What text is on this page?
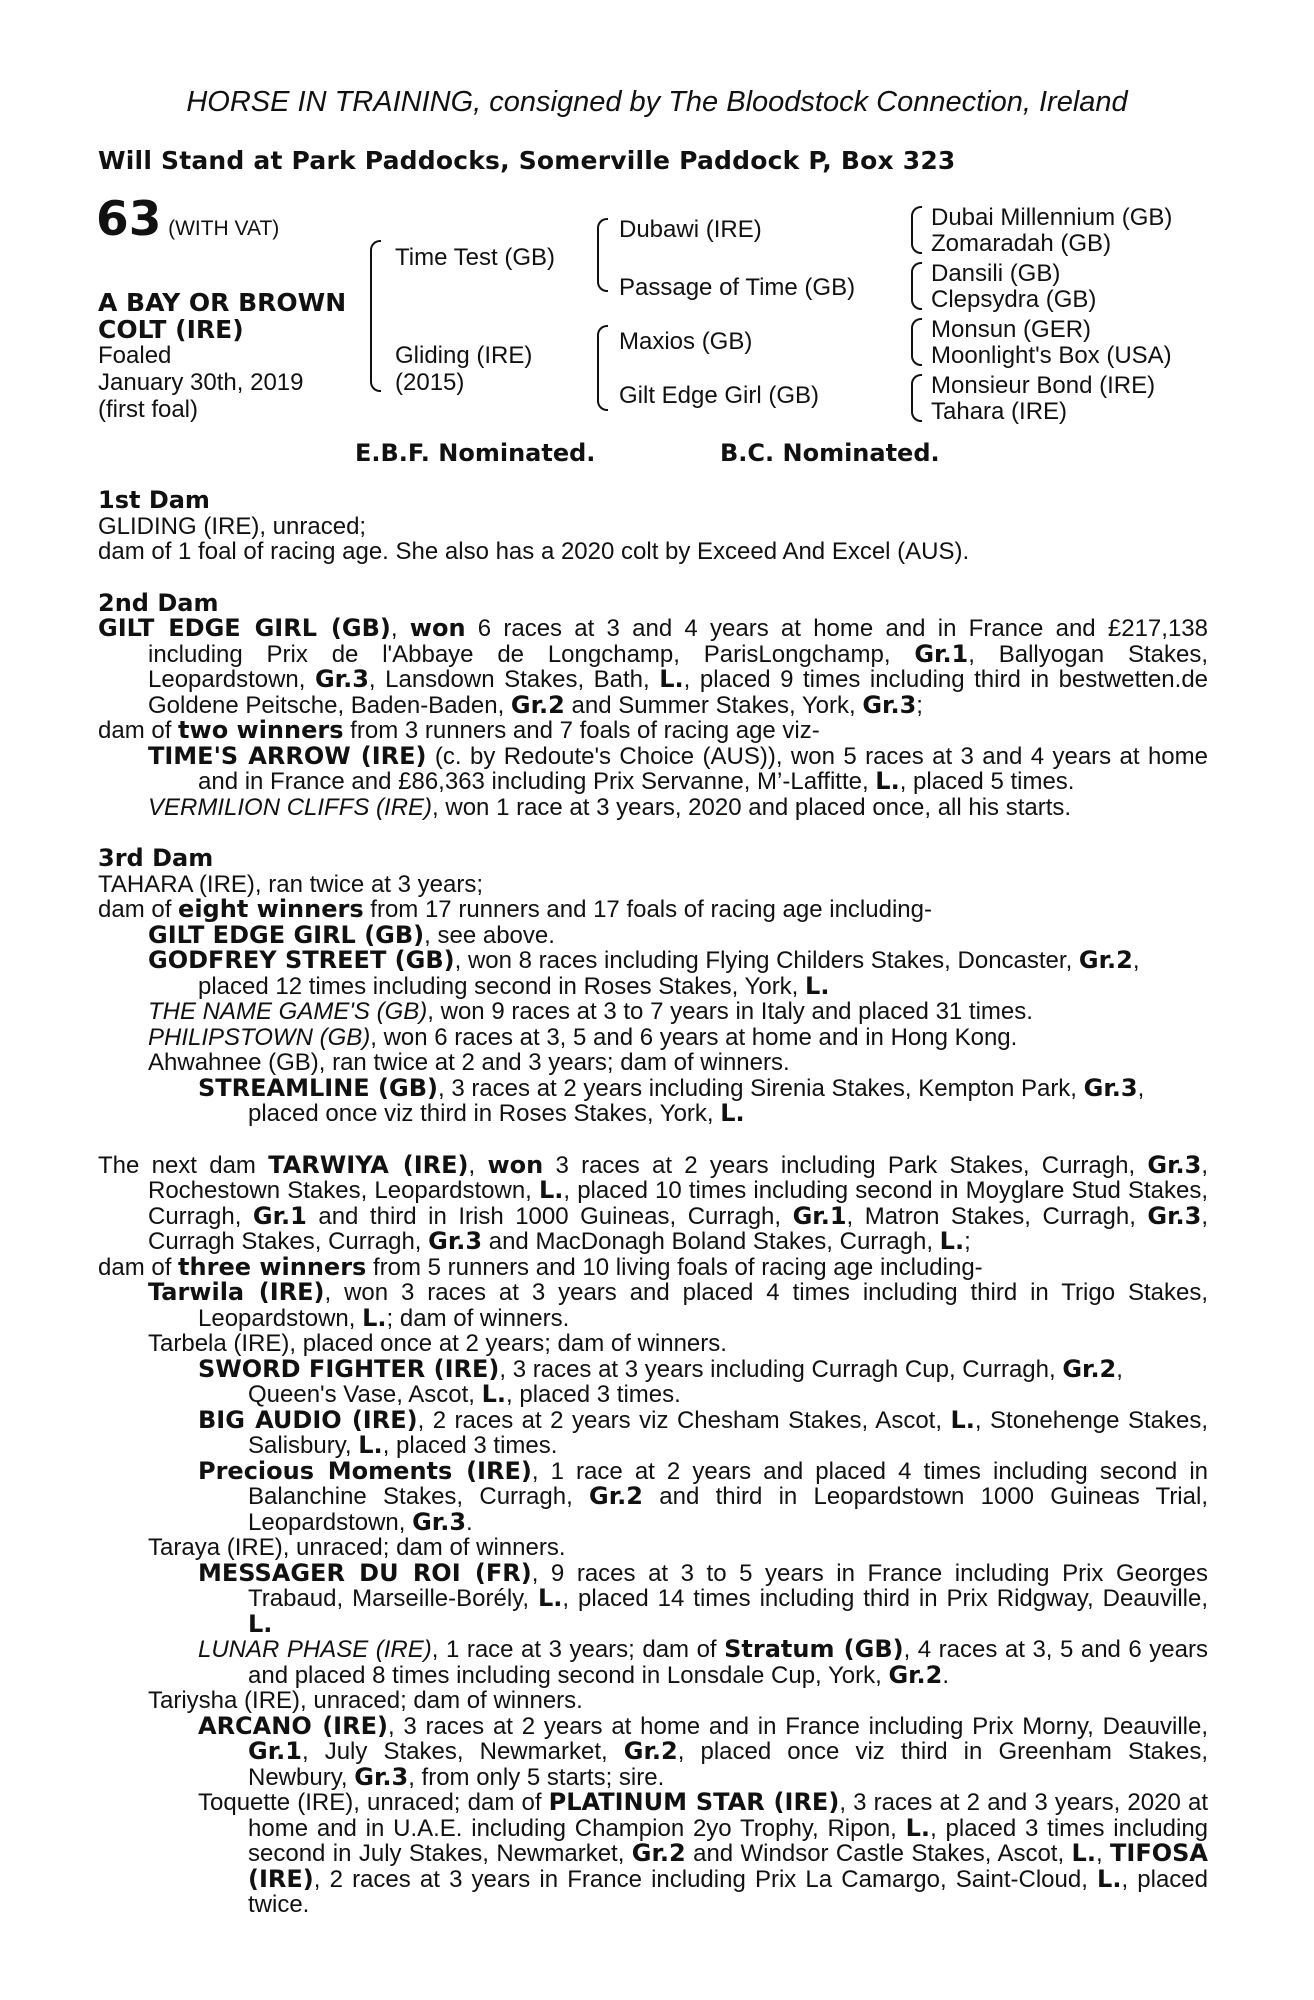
HORSE IN TRAINING, consigned by The Bloodstock Connection, Ireland
Will Stand at Park Paddocks, Somerville Paddock P, Box 323
63 (WITH VAT)
A BAY OR BROWN
COLT (IRE)
Foaled
January 30th, 2019
(first foal)
Time Test (GB)
Gliding (IRE)
(2015)
Dubawi (IRE)
Passage of Time (GB)
Maxios (GB)
Gilt Edge Girl (GB)
Dubai Millennium (GB)
Zomaradah (GB)
Dansili (GB)
Clepsydra (GB)
Monsun (GER)
Moonlight's Box (USA)
Monsieur Bond (IRE)
Tahara (IRE)
E.B.F. Nominated.	B.C. Nominated.

1st Dam

GLIDING (IRE), unraced;

dam of 1 foal of racing age. She also has a 2020 colt by Exceed And Excel (AUS).

2nd Dam

GILT EDGE GIRL (GB), won 6 races at 3 and 4 years at home and in France and £217,138 including Prix de l'Abbaye de Longchamp, ParisLongchamp, Gr.1, Ballyogan Stakes, Leopardstown, Gr.3, Lansdown Stakes, Bath, L., placed 9 times including third in bestwetten.de Goldene Peitsche, Baden-Baden, Gr.2 and Summer Stakes, York, Gr.3;

dam of two winners from 3 runners and 7 foals of racing age viz-

TIME'S ARROW (IRE) (c. by Redoute's Choice (AUS)), won 5 races at 3 and 4 years at home and in France and £86,363 including Prix Servanne, M’-Laffitte, L., placed 5 times.

VERMILION CLIFFS (IRE), won 1 race at 3 years, 2020 and placed once, all his starts.

3rd Dam

TAHARA (IRE), ran twice at 3 years;

dam of eight winners from 17 runners and 17 foals of racing age including-

GILT EDGE GIRL (GB), see above.

GODFREY STREET (GB), won 8 races including Flying Childers Stakes, Doncaster, Gr.2, placed 12 times including second in Roses Stakes, York, L.

THE NAME GAME'S (GB), won 9 races at 3 to 7 years in Italy and placed 31 times.

PHILIPSTOWN (GB), won 6 races at 3, 5 and 6 years at home and in Hong Kong.

Ahwahnee (GB), ran twice at 2 and 3 years; dam of winners.

STREAMLINE (GB), 3 races at 2 years including Sirenia Stakes, Kempton Park, Gr.3, placed once viz third in Roses Stakes, York, L.

The next dam TARWIYA (IRE), won 3 races at 2 years including Park Stakes, Curragh, Gr.3, Rochestown Stakes, Leopardstown, L., placed 10 times including second in Moyglare Stud Stakes, Curragh, Gr.1 and third in Irish 1000 Guineas, Curragh, Gr.1, Matron Stakes, Curragh, Gr.3, Curragh Stakes, Curragh, Gr.3 and MacDonagh Boland Stakes, Curragh, L.;

dam of three winners from 5 runners and 10 living foals of racing age including-

Tarwila (IRE), won 3 races at 3 years and placed 4 times including third in Trigo Stakes, Leopardstown, L.; dam of winners.

Tarbela (IRE), placed once at 2 years; dam of winners.

SWORD FIGHTER (IRE), 3 races at 3 years including Curragh Cup, Curragh, Gr.2, Queen's Vase, Ascot, L., placed 3 times.

BIG AUDIO (IRE), 2 races at 2 years viz Chesham Stakes, Ascot, L., Stonehenge Stakes, Salisbury, L., placed 3 times.

Precious Moments (IRE), 1 race at 2 years and placed 4 times including second in Balanchine Stakes, Curragh, Gr.2 and third in Leopardstown 1000 Guineas Trial, Leopardstown, Gr.3.

Taraya (IRE), unraced; dam of winners.

MESSAGER DU ROI (FR), 9 races at 3 to 5 years in France including Prix Georges Trabaud, Marseille-Borély, L., placed 14 times including third in Prix Ridgway, Deauville, L.

LUNAR PHASE (IRE), 1 race at 3 years; dam of Stratum (GB), 4 races at 3, 5 and 6 years and placed 8 times including second in Lonsdale Cup, York, Gr.2.

Tariysha (IRE), unraced; dam of winners.

ARCANO (IRE), 3 races at 2 years at home and in France including Prix Morny, Deauville, Gr.1, July Stakes, Newmarket, Gr.2, placed once viz third in Greenham Stakes, Newbury, Gr.3, from only 5 starts; sire.

Toquette (IRE), unraced; dam of PLATINUM STAR (IRE), 3 races at 2 and 3 years, 2020 at home and in U.A.E. including Champion 2yo Trophy, Ripon, L., placed 3 times including second in July Stakes, Newmarket, Gr.2 and Windsor Castle Stakes, Ascot, L., TIFOSA (IRE), 2 races at 3 years in France including Prix La Camargo, Saint-Cloud, L., placed twice.
